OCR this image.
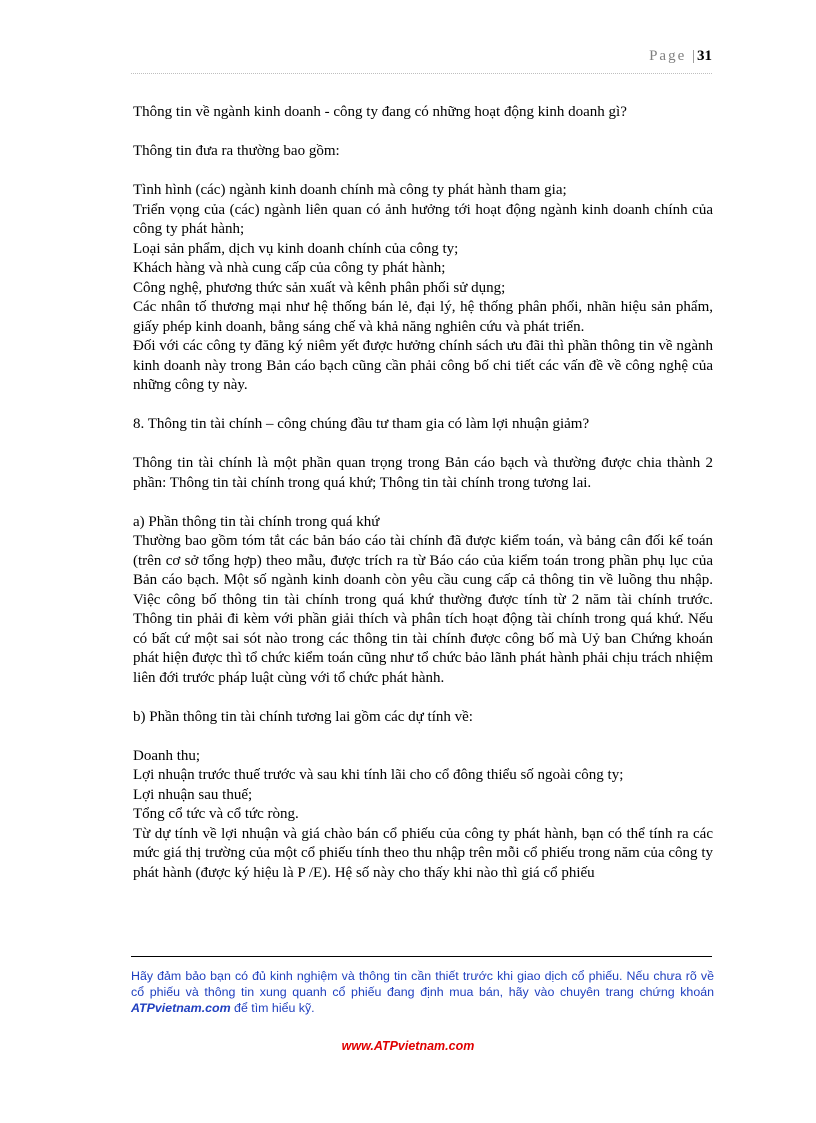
Page |31

Thông tin về ngành kinh doanh - công ty đang có những hoạt động kinh doanh gì?

Thông tin đưa ra thường bao gồm:

Tình hình (các) ngành kinh doanh chính mà công ty phát hành tham gia;

Triển vọng của (các) ngành liên quan có ảnh hưởng tới hoạt động ngành kinh doanh chính của công ty phát hành;

Loại sản phẩm, dịch vụ kinh doanh chính của công ty;

Khách hàng và nhà cung cấp của công ty phát hành;

Công nghệ, phương thức sản xuất và kênh phân phối sử dụng;

Các nhân tố thương mại như hệ thống bán lẻ, đại lý, hệ thống phân phối, nhãn hiệu sản phẩm, giấy phép kinh doanh, bằng sáng chế và khả năng nghiên cứu và phát triển.

Đối với các công ty đăng ký niêm yết được hưởng chính sách ưu đãi thì phần thông tin về ngành kinh doanh này trong Bản cáo bạch cũng cần phải công bố chi tiết các vấn đề về công nghệ của những công ty này.

8. Thông tin tài chính – công chúng đầu tư tham gia có làm lợi nhuận giảm?

Thông tin tài chính là một phần quan trọng trong Bản cáo bạch và thường được chia thành 2 phần: Thông tin tài chính trong quá khứ; Thông tin tài chính trong tương lai.

a) Phần thông tin tài chính trong quá khứ

Thường bao gồm tóm tắt các bản báo cáo tài chính đã được kiểm toán, và bảng cân đối kế toán (trên cơ sở tổng hợp) theo mẫu, được trích ra từ Báo cáo của kiểm toán trong phần phụ lục của Bản cáo bạch. Một số ngành kinh doanh còn yêu cầu cung cấp cả thông tin về luồng thu nhập. Việc công bố thông tin tài chính trong quá khứ thường được tính từ 2 năm tài chính trước. Thông tin phải đi kèm với phần giải thích và phân tích hoạt động tài chính trong quá khứ. Nếu có bất cứ một sai sót nào trong các thông tin tài chính được công bố mà Uỷ ban Chứng khoán phát hiện được thì tổ chức kiểm toán cũng như tổ chức bảo lãnh phát hành phải chịu trách nhiệm liên đới trước pháp luật cùng với tổ chức phát hành.

b) Phần thông tin tài chính tương lai gồm các dự tính về:

Doanh thu;

Lợi nhuận trước thuế trước và sau khi tính lãi cho cổ đông thiểu số ngoài công ty;

Lợi nhuận sau thuế;

Tổng cổ tức và cổ tức ròng.

Từ dự tính về lợi nhuận và giá chào bán cổ phiếu của công ty phát hành, bạn có thể tính ra các mức giá thị trường của một cổ phiếu tính theo thu nhập trên mỗi cổ phiếu trong năm của công ty phát hành (được ký hiệu là P /E). Hệ số này cho thấy khi nào thì giá cổ phiếu

Hãy đảm bảo bạn có đủ kinh nghiệm và thông tin cần thiết trước khi giao dịch cổ phiếu. Nếu chưa rõ về cổ phiếu và thông tin xung quanh cổ phiếu đang định mua bán, hãy vào chuyên trang chứng khoán ATPvietnam.com để tìm hiểu kỹ.
www.ATPvietnam.com
